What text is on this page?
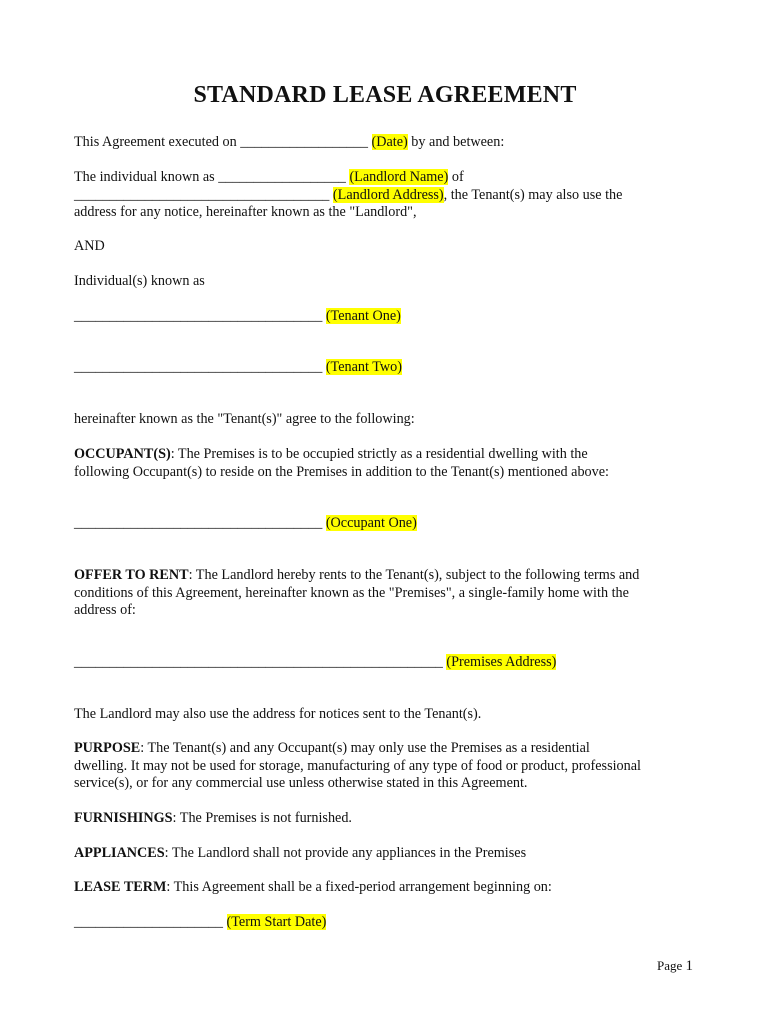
STANDARD LEASE AGREEMENT
This Agreement executed on __________________ (Date) by and between:
The individual known as __________________ (Landlord Name) of
____________________________________ (Landlord Address), the Tenant(s) may also use the
address for any notice, hereinafter known as the "Landlord",
AND
Individual(s) known as
___________________________________ (Tenant One)
___________________________________ (Tenant Two)
hereinafter known as the "Tenant(s)" agree to the following:
OCCUPANT(S): The Premises is to be occupied strictly as a residential dwelling with the
following Occupant(s) to reside on the Premises in addition to the Tenant(s) mentioned above:
___________________________________ (Occupant One)
OFFER TO RENT: The Landlord hereby rents to the Tenant(s), subject to the following terms and
conditions of this Agreement, hereinafter known as the "Premises", a single-family home with the
address of:
____________________________________________________ (Premises Address)
The Landlord may also use the address for notices sent to the Tenant(s).
PURPOSE: The Tenant(s) and any Occupant(s) may only use the Premises as a residential
dwelling. It may not be used for storage, manufacturing of any type of food or product, professional
service(s), or for any commercial use unless otherwise stated in this Agreement.
FURNISHINGS: The Premises is not furnished.
APPLIANCES: The Landlord shall not provide any appliances in the Premises
LEASE TERM: This Agreement shall be a fixed-period arrangement beginning on:
_____________________ (Term Start Date)
Page 1
